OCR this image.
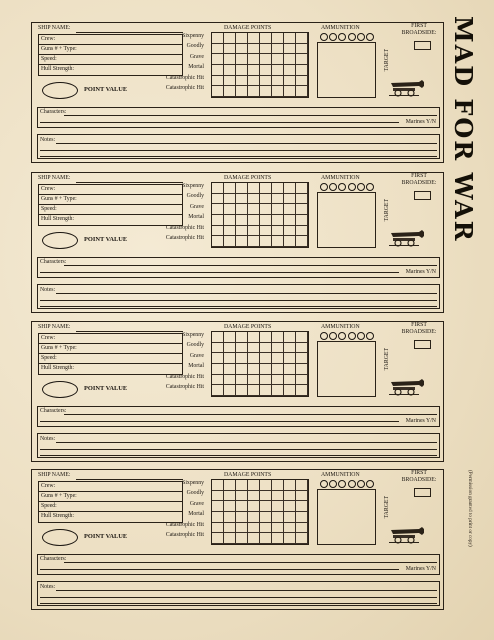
MAD FOR WAR
(Permission granted to print or copy)
SHIP NAME:
Crew:
Guns # + Type:
Speed:
Hull Strength:
POINT VALUE
Sixpenny
Goodly
Grave
Mortal
Catastrophic Hit
Catastrophic Hit
DAMAGE POINTS	AMMUNITION
TARGET
FIRST BROADSIDE:
Characters:
Marines Y/N
Notes:
SHIP NAME:
Crew:
Guns # + Type:
Speed:
Hull Strength:
POINT VALUE
Sixpenny
Goodly
Grave
Mortal
Catastrophic Hit
Catastrophic Hit
DAMAGE POINTS	AMMUNITION
TARGET
FIRST BROADSIDE:
Characters:
Marines Y/N
Notes:
SHIP NAME:
Crew:
Guns # + Type:
Speed:
Hull Strength:
POINT VALUE
Sixpenny
Goodly
Grave
Mortal
Catastrophic Hit
Catastrophic Hit
DAMAGE POINTS	AMMUNITION
TARGET
FIRST BROADSIDE:
Characters:
Marines Y/N
Notes:
SHIP NAME:
Crew:
Guns # + Type:
Speed:
Hull Strength:
POINT VALUE
Sixpenny
Goodly
Grave
Mortal
Catastrophic Hit
Catastrophic Hit
DAMAGE POINTS	AMMUNITION
TARGET
FIRST BROADSIDE:
Characters:
Marines Y/N
Notes:
